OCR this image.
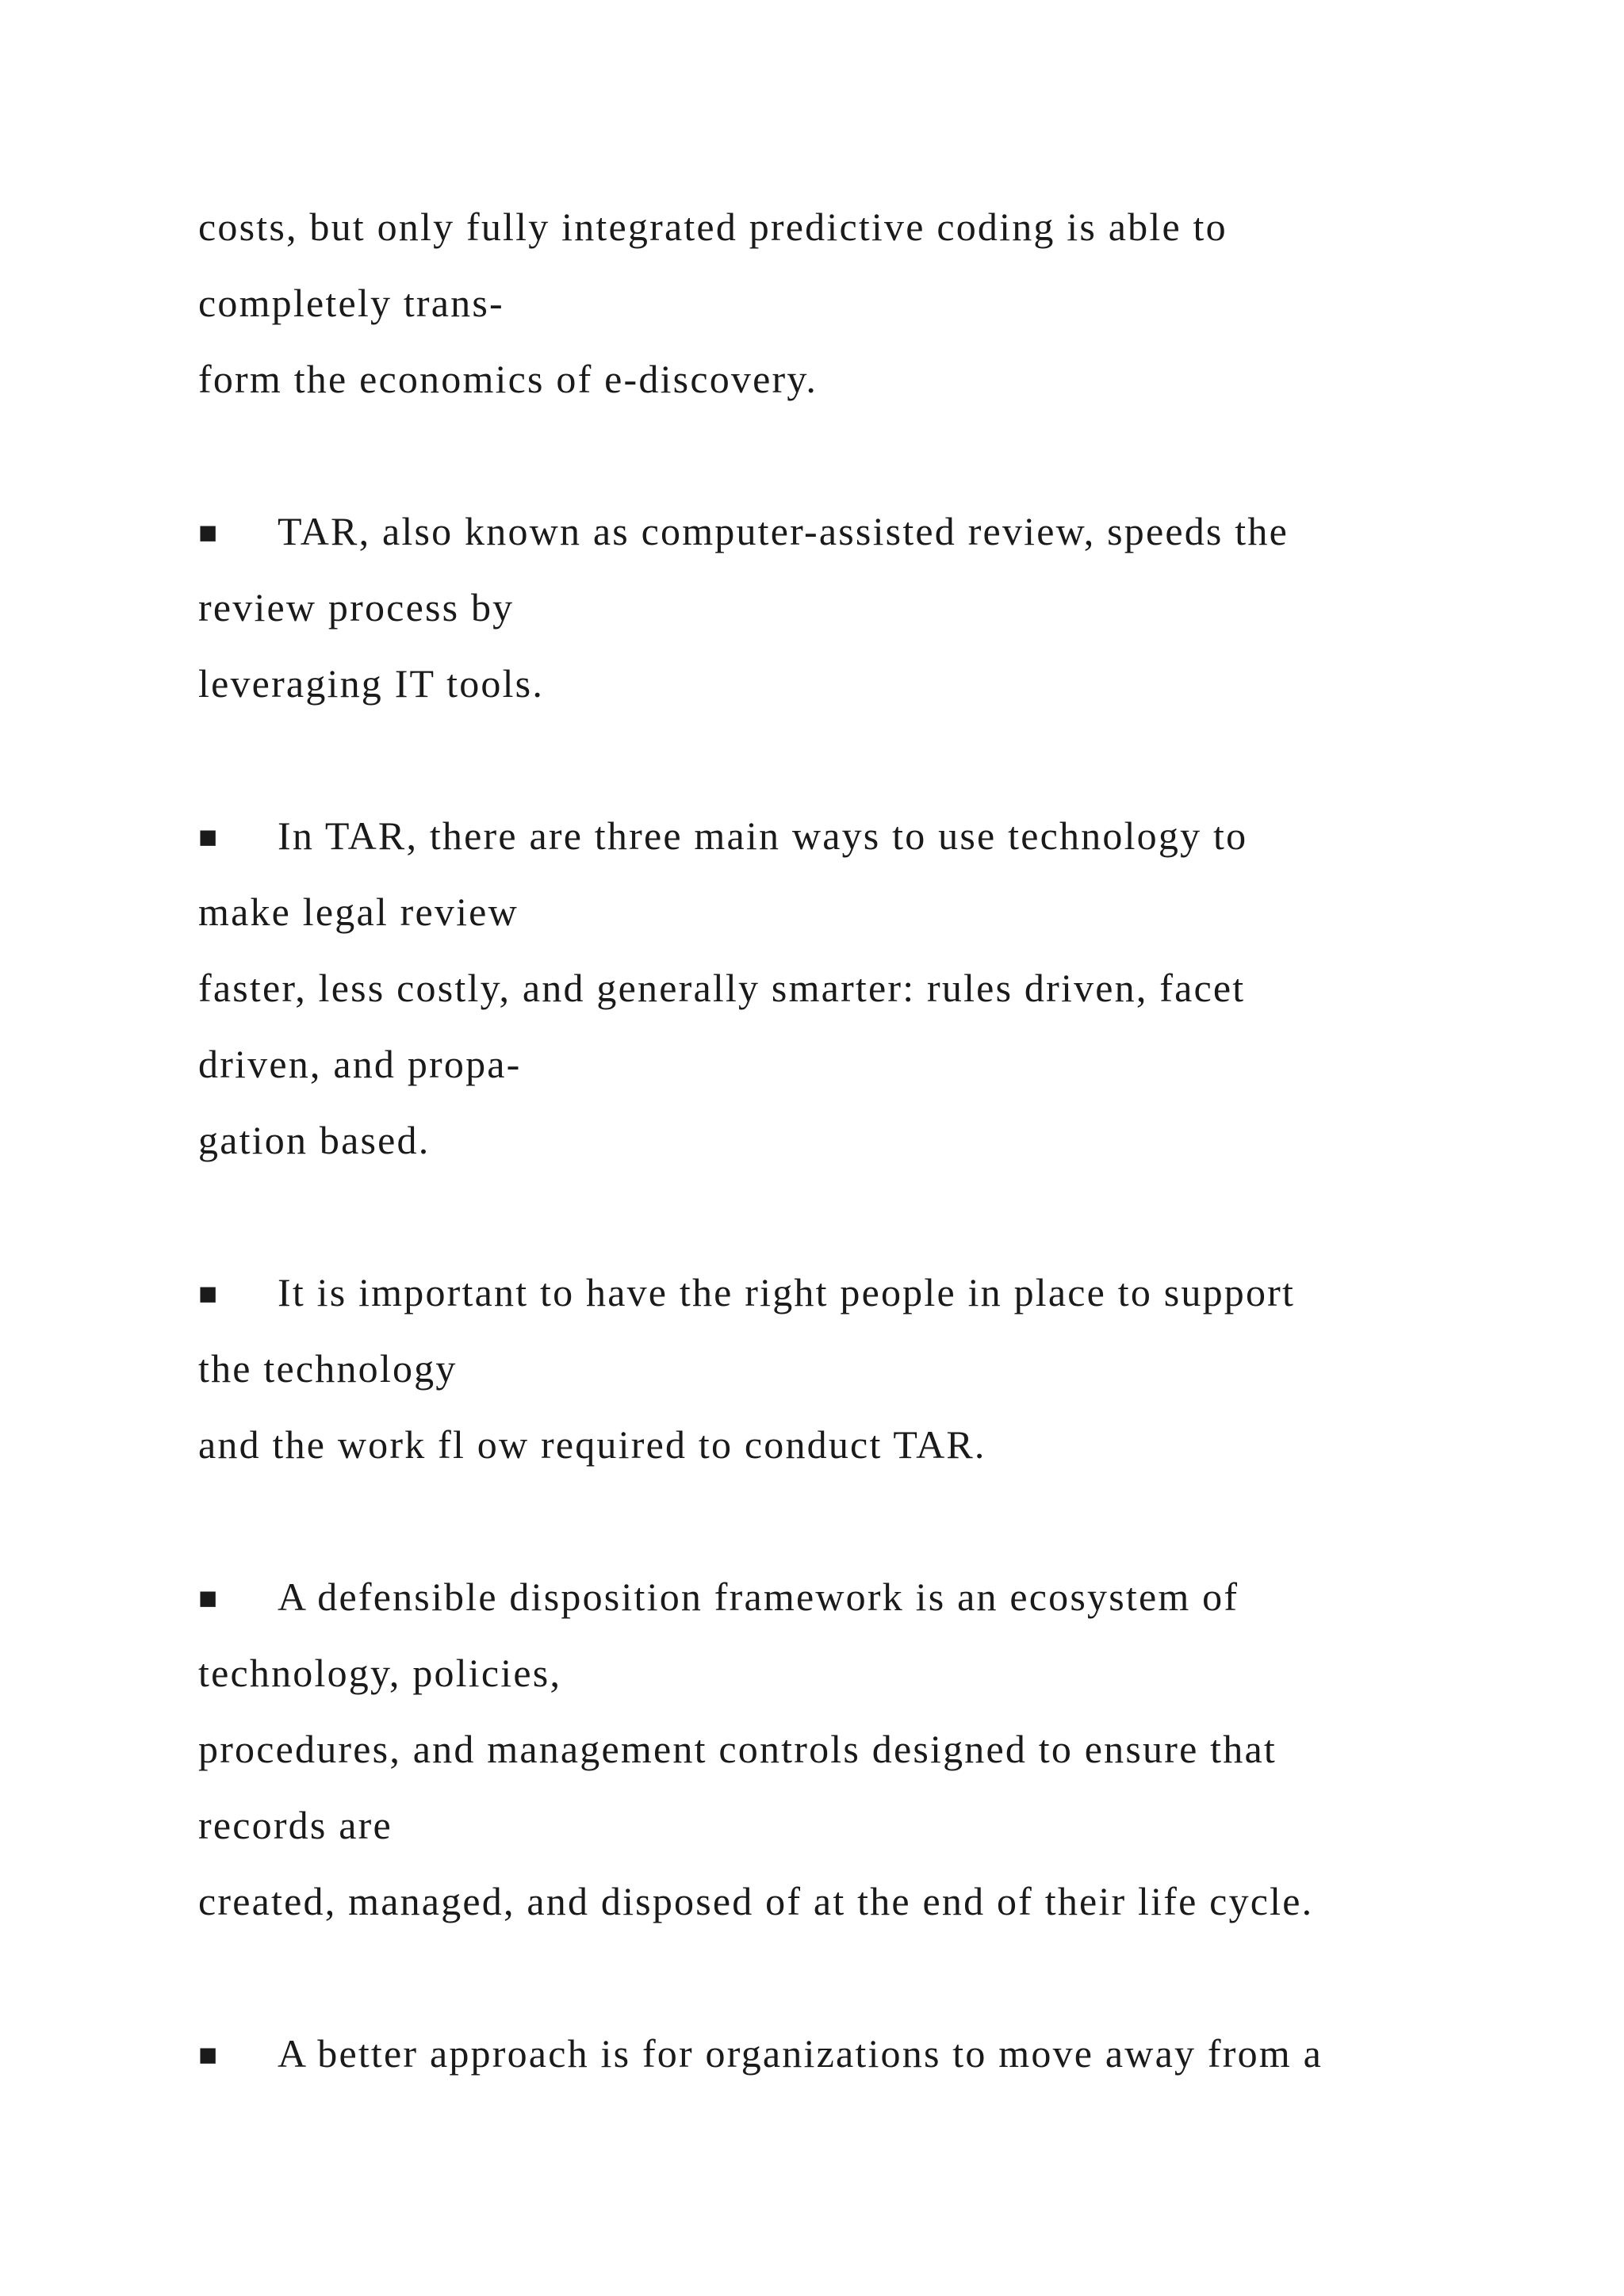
costs, but only fully integrated predictive coding is able to
completely trans-
form the economics of e-discovery.
■ TAR, also known as computer-assisted review, speeds the
review process by
leveraging IT tools.
■ In TAR, there are three main ways to use technology to
make legal review
faster, less costly, and generally smarter: rules driven, facet
driven, and propa-
gation based.
■ It is important to have the right people in place to support
the technology
and the work fl ow required to conduct TAR.
■ A defensible disposition framework is an ecosystem of
technology, policies,
procedures, and management controls designed to ensure that
records are
created, managed, and disposed of at the end of their life cycle.
■ A better approach is for organizations to move away from a
